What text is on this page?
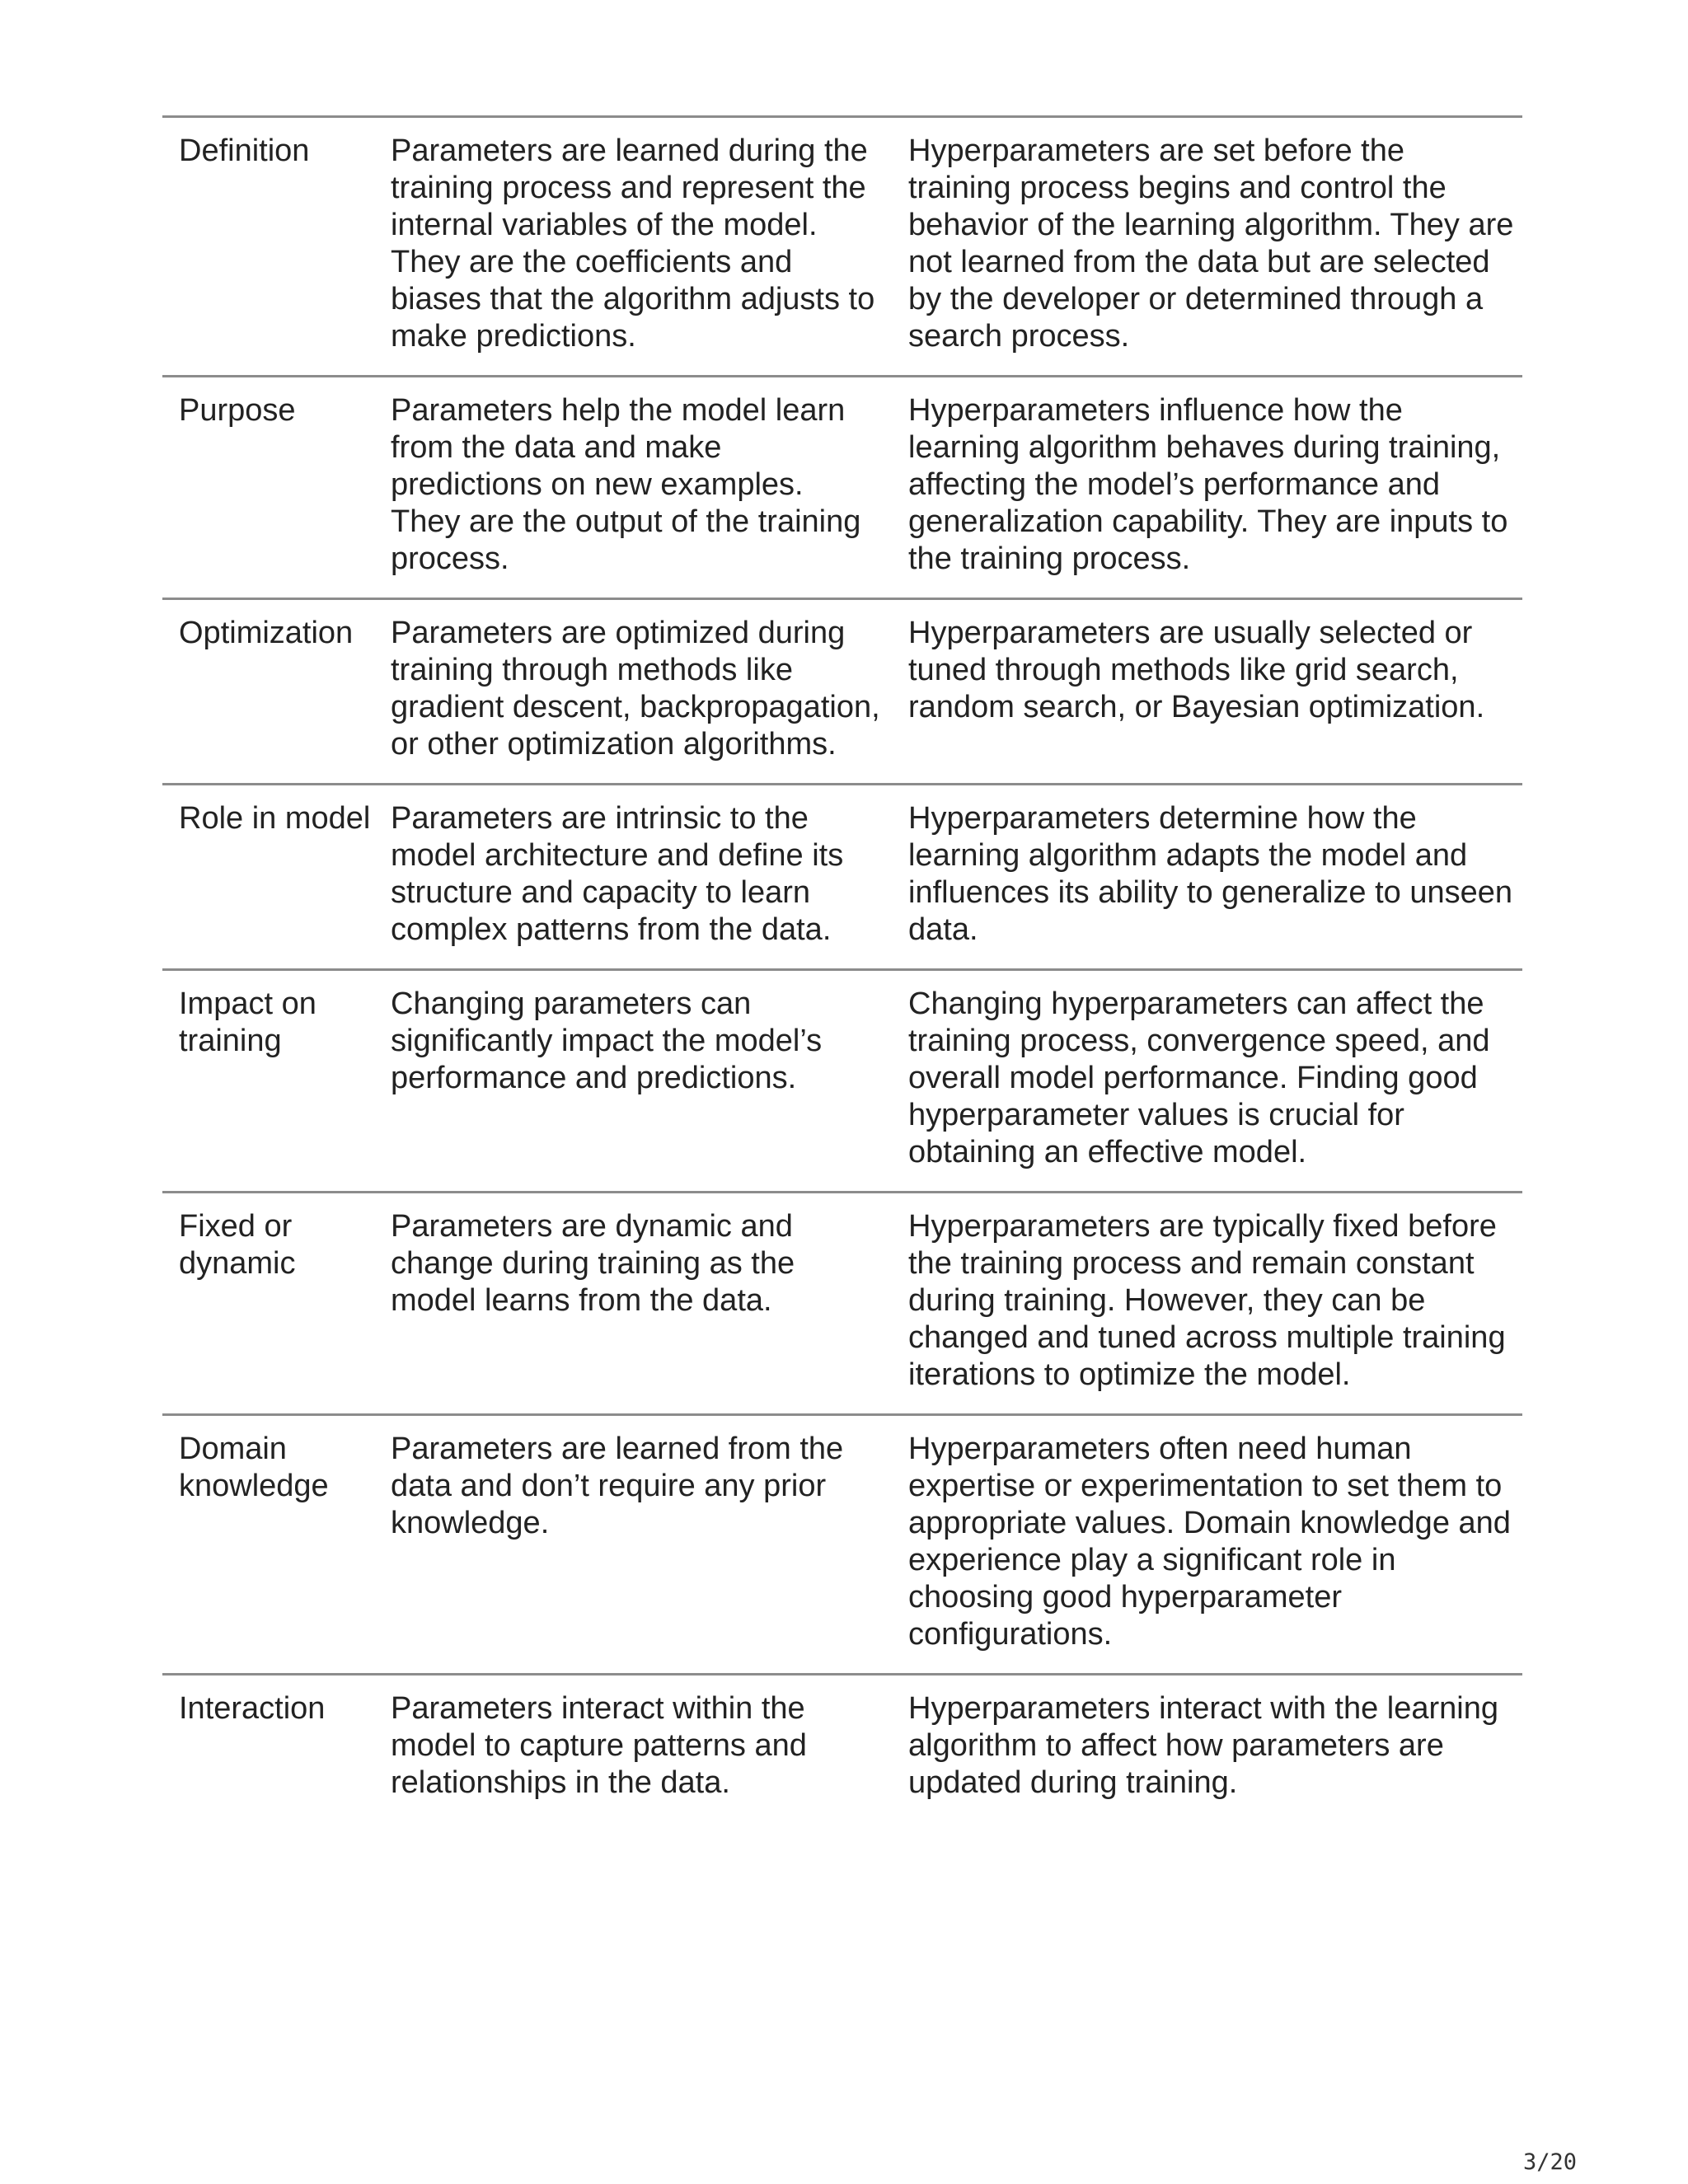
Definition	Parameters are learned during the training process and represent the internal variables of the model. They are the coefficients and biases that the algorithm adjusts to make predictions.	Hyperparameters are set before the training process begins and control the behavior of the learning algorithm. They are not learned from the data but are selected by the developer or determined through a search process.
Purpose	Parameters help the model learn from the data and make predictions on new examples. They are the output of the training process.	Hyperparameters influence how the learning algorithm behaves during training, affecting the model’s performance and generalization capability. They are inputs to the training process.
Optimization	Parameters are optimized during training through methods like gradient descent, backpropagation, or other optimization algorithms.	Hyperparameters are usually selected or tuned through methods like grid search, random search, or Bayesian optimization.
Role in model	Parameters are intrinsic to the model architecture and define its structure and capacity to learn complex patterns from the data.	Hyperparameters determine how the learning algorithm adapts the model and influences its ability to generalize to unseen data.
Impact on training	Changing parameters can significantly impact the model’s performance and predictions.	Changing hyperparameters can affect the training process, convergence speed, and overall model performance. Finding good hyperparameter values is crucial for obtaining an effective model.
Fixed or dynamic	Parameters are dynamic and change during training as the model learns from the data.	Hyperparameters are typically fixed before the training process and remain constant during training. However, they can be changed and tuned across multiple training iterations to optimize the model.
Domain knowledge	Parameters are learned from the data and don’t require any prior knowledge.	Hyperparameters often need human expertise or experimentation to set them to appropriate values. Domain knowledge and experience play a significant role in choosing good hyperparameter configurations.
Interaction	Parameters interact within the model to capture patterns and relationships in the data.	Hyperparameters interact with the learning algorithm to affect how parameters are updated during training.
3/20
